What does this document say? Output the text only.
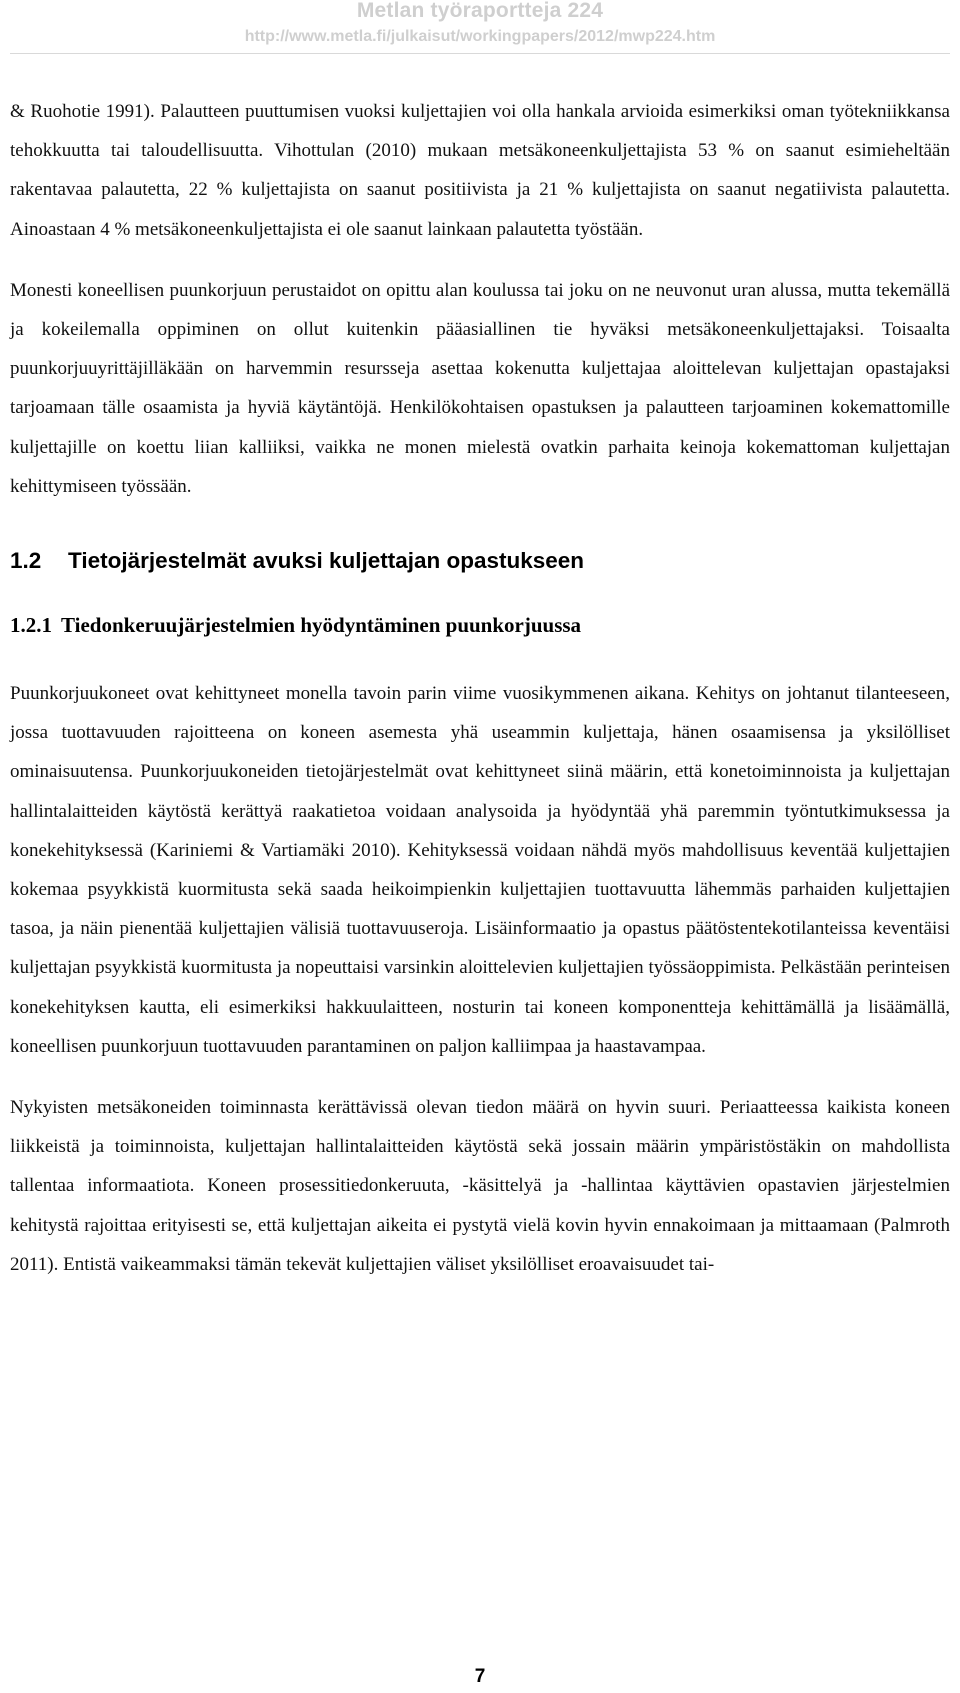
Metlan työraportteja 224
http://www.metla.fi/julkaisut/workingpapers/2012/mwp224.htm

& Ruohotie 1991). Palautteen puuttumisen vuoksi kuljettajien voi olla hankala arvioida esimerkiksi oman työtekniikkansa tehokkuutta tai taloudellisuutta. Vihottulan (2010) mukaan metsäkoneenkuljettajista 53 % on saanut esimieheltään rakentavaa palautetta, 22 % kuljettajista on saanut positiivista ja 21 % kuljettajista on saanut negatiivista palautetta. Ainoastaan 4 % metsäkoneenkuljettajista ei ole saanut lainkaan palautetta työstään.

Monesti koneellisen puunkorjuun perustaidot on opittu alan koulussa tai joku on ne neuvonut uran alussa, mutta tekemällä ja kokeilemalla oppiminen on ollut kuitenkin pääasiallinen tie hyväksi metsäkoneenkuljettajaksi. Toisaalta puunkorjuuyrittäjilläkään on harvemmin resursseja asettaa kokenutta kuljettajaa aloittelevan kuljettajan opastajaksi tarjoamaan tälle osaamista ja hyviä käytäntöjä. Henkilökohtaisen opastuksen ja palautteen tarjoaminen kokemattomille kuljettajille on koettu liian kalliiksi, vaikka ne monen mielestä ovatkin parhaita keinoja kokemattoman kuljettajan kehittymiseen työssään.

1.2 Tietojärjestelmät avuksi kuljettajan opastukseen
1.2.1 Tiedonkeruujärjestelmien hyödyntäminen puunkorjuussa

Puunkorjuukoneet ovat kehittyneet monella tavoin parin viime vuosikymmenen aikana. Kehitys on johtanut tilanteeseen, jossa tuottavuuden rajoitteena on koneen asemesta yhä useammin kuljettaja, hänen osaamisensa ja yksilölliset ominaisuutensa. Puunkorjuukoneiden tietojärjestelmät ovat kehittyneet siinä määrin, että konetoiminnoista ja kuljettajan hallintalaitteiden käytöstä kerättyä raakatietoa voidaan analysoida ja hyödyntää yhä paremmin työntutkimuksessa ja konekehityksessä (Kariniemi & Vartiamäki 2010). Kehityksessä voidaan nähdä myös mahdollisuus keventää kuljettajien kokemaa psyykkistä kuormitusta sekä saada heikoimpienkin kuljettajien tuottavuutta lähemmäs parhaiden kuljettajien tasoa, ja näin pienentää kuljettajien välisiä tuottavuuseroja. Lisäinformaatio ja opastus päätöstentekotilanteissa keventäisi kuljettajan psyykkistä kuormitusta ja nopeuttaisi varsinkin aloittelevien kuljettajien työssäoppimista. Pelkästään perinteisen konekehityksen kautta, eli esimerkiksi hakkuulaitteen, nosturin tai koneen komponentteja kehittämällä ja lisäämällä, koneellisen puunkorjuun tuottavuuden parantaminen on paljon kalliimpaa ja haastavampaa.

Nykyisten metsäkoneiden toiminnasta kerättävissä olevan tiedon määrä on hyvin suuri. Periaatteessa kaikista koneen liikkeistä ja toiminnoista, kuljettajan hallintalaitteiden käytöstä sekä jossain määrin ympäristöstäkin on mahdollista tallentaa informaatiota. Koneen prosessitiedonkeruuta, -käsittelyä ja -hallintaa käyttävien opastavien järjestelmien kehitystä rajoittaa erityisesti se, että kuljettajan aikeita ei pystytä vielä kovin hyvin ennakoimaan ja mittaamaan (Palmroth 2011). Entistä vaikeammaksi tämän tekevät kuljettajien väliset yksilölliset eroavaisuudet tai-

7
